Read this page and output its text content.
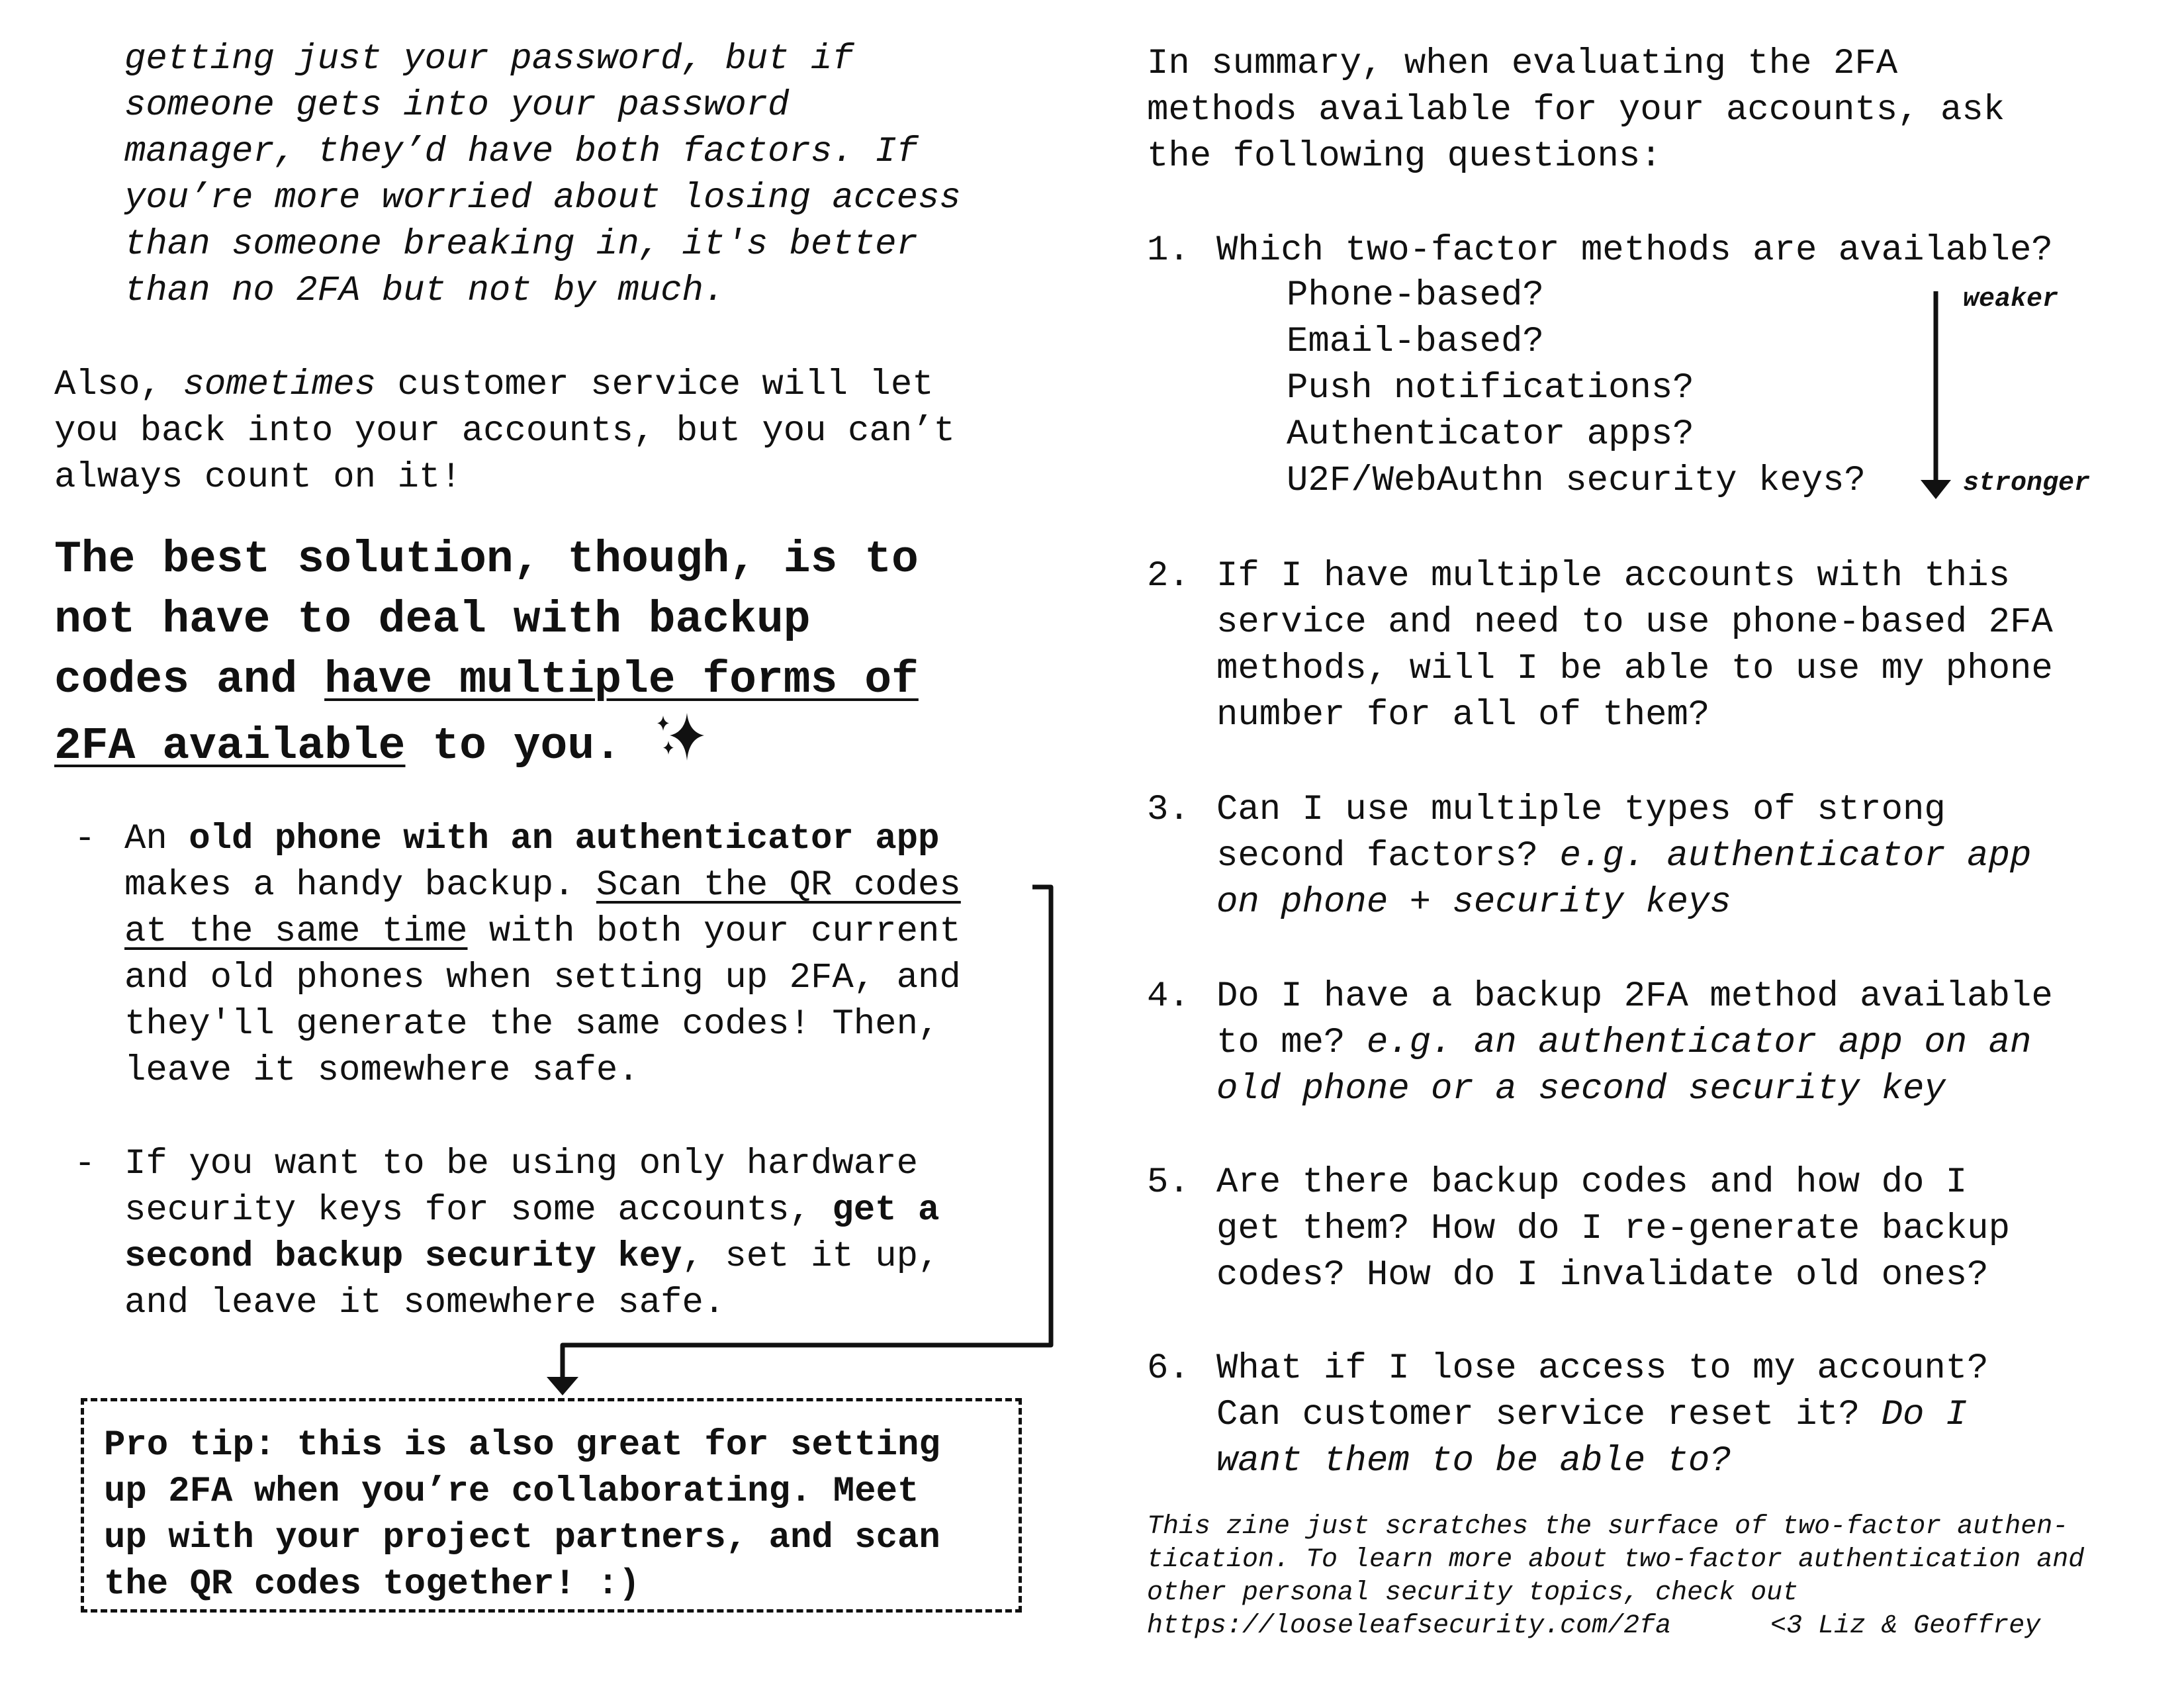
getting just your password, but if
someone gets into your password
manager, they’d have both factors. If
you’re more worried about losing access
than someone breaking in, it's better
than no 2FA but not by much.
Also, sometimes customer service will let
you back into your accounts, but you can’t
always count on it!
The best solution, though, is to
not have to deal with backup
codes and have multiple forms of
2FA available to you.
- An old phone with an authenticator app
makes a handy backup. Scan the QR codes
at the same time with both your current
and old phones when setting up 2FA, and
they'll generate the same codes! Then,
leave it somewhere safe.
- If you want to be using only hardware
security keys for some accounts, get a
second backup security key, set it up,
and leave it somewhere safe.
Pro tip: this is also great for setting
up 2FA when you’re collaborating. Meet
up with your project partners, and scan
the QR codes together! :)
In summary, when evaluating the 2FA
methods available for your accounts, ask
the following questions:
1. Which two-factor methods are available?
Phone-based?
Email-based?
Push notifications?
Authenticator apps?
U2F/WebAuthn security keys?
weaker
stronger
2. If I have multiple accounts with this
service and need to use phone-based 2FA
methods, will I be able to use my phone
number for all of them?
3. Can I use multiple types of strong
second factors? e.g. authenticator app
on phone + security keys
4. Do I have a backup 2FA method available
to me? e.g. an authenticator app on an
old phone or a second security key
5. Are there backup codes and how do I
get them? How do I re-generate backup
codes? How do I invalidate old ones?
6. What if I lose access to my account?
Can customer service reset it? Do I
want them to be able to?
This zine just scratches the surface of two-factor authen-
tication. To learn more about two-factor authentication and
other personal security topics, check out
https://looseleafsecurity.com/2fa	<3 Liz & Geoffrey
